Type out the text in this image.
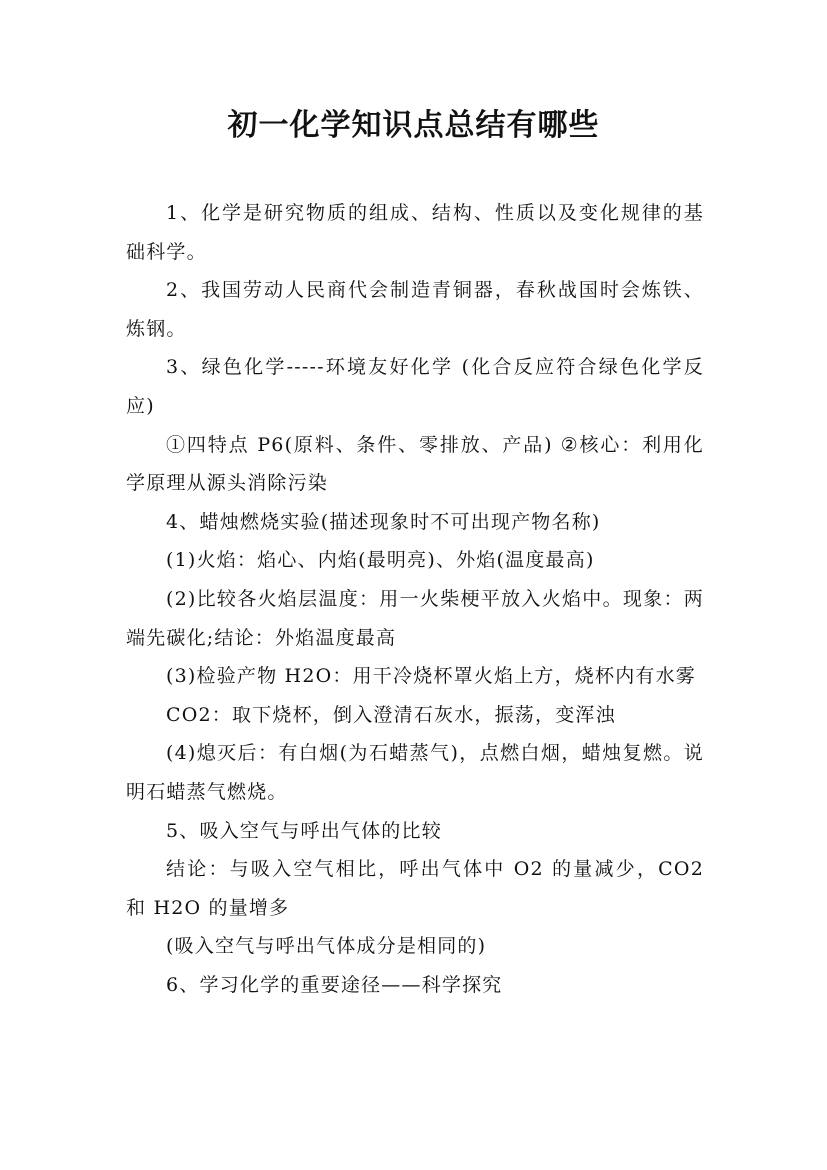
初一化学知识点总结有哪些

1、化学是研究物质的组成、结构、性质以及变化规律的基础科学。

2、我国劳动人民商代会制造青铜器，春秋战国时会炼铁、炼钢。

3、绿色化学-----环境友好化学 (化合反应符合绿色化学反应)

①四特点 P6(原料、条件、零排放、产品) ②核心：利用化学原理从源头消除污染

4、蜡烛燃烧实验(描述现象时不可出现产物名称)

(1)火焰：焰心、内焰(最明亮)、外焰(温度最高)

(2)比较各火焰层温度：用一火柴梗平放入火焰中。现象：两端先碳化;结论：外焰温度最高

(3)检验产物 H2O：用干冷烧杯罩火焰上方，烧杯内有水雾

CO2：取下烧杯，倒入澄清石灰水，振荡，变浑浊

(4)熄灭后：有白烟(为石蜡蒸气)，点燃白烟，蜡烛复燃。说明石蜡蒸气燃烧。

5、吸入空气与呼出气体的比较

结论：与吸入空气相比，呼出气体中 O2 的量减少，CO2 和 H2O 的量增多

(吸入空气与呼出气体成分是相同的)

6、学习化学的重要途径——科学探究
